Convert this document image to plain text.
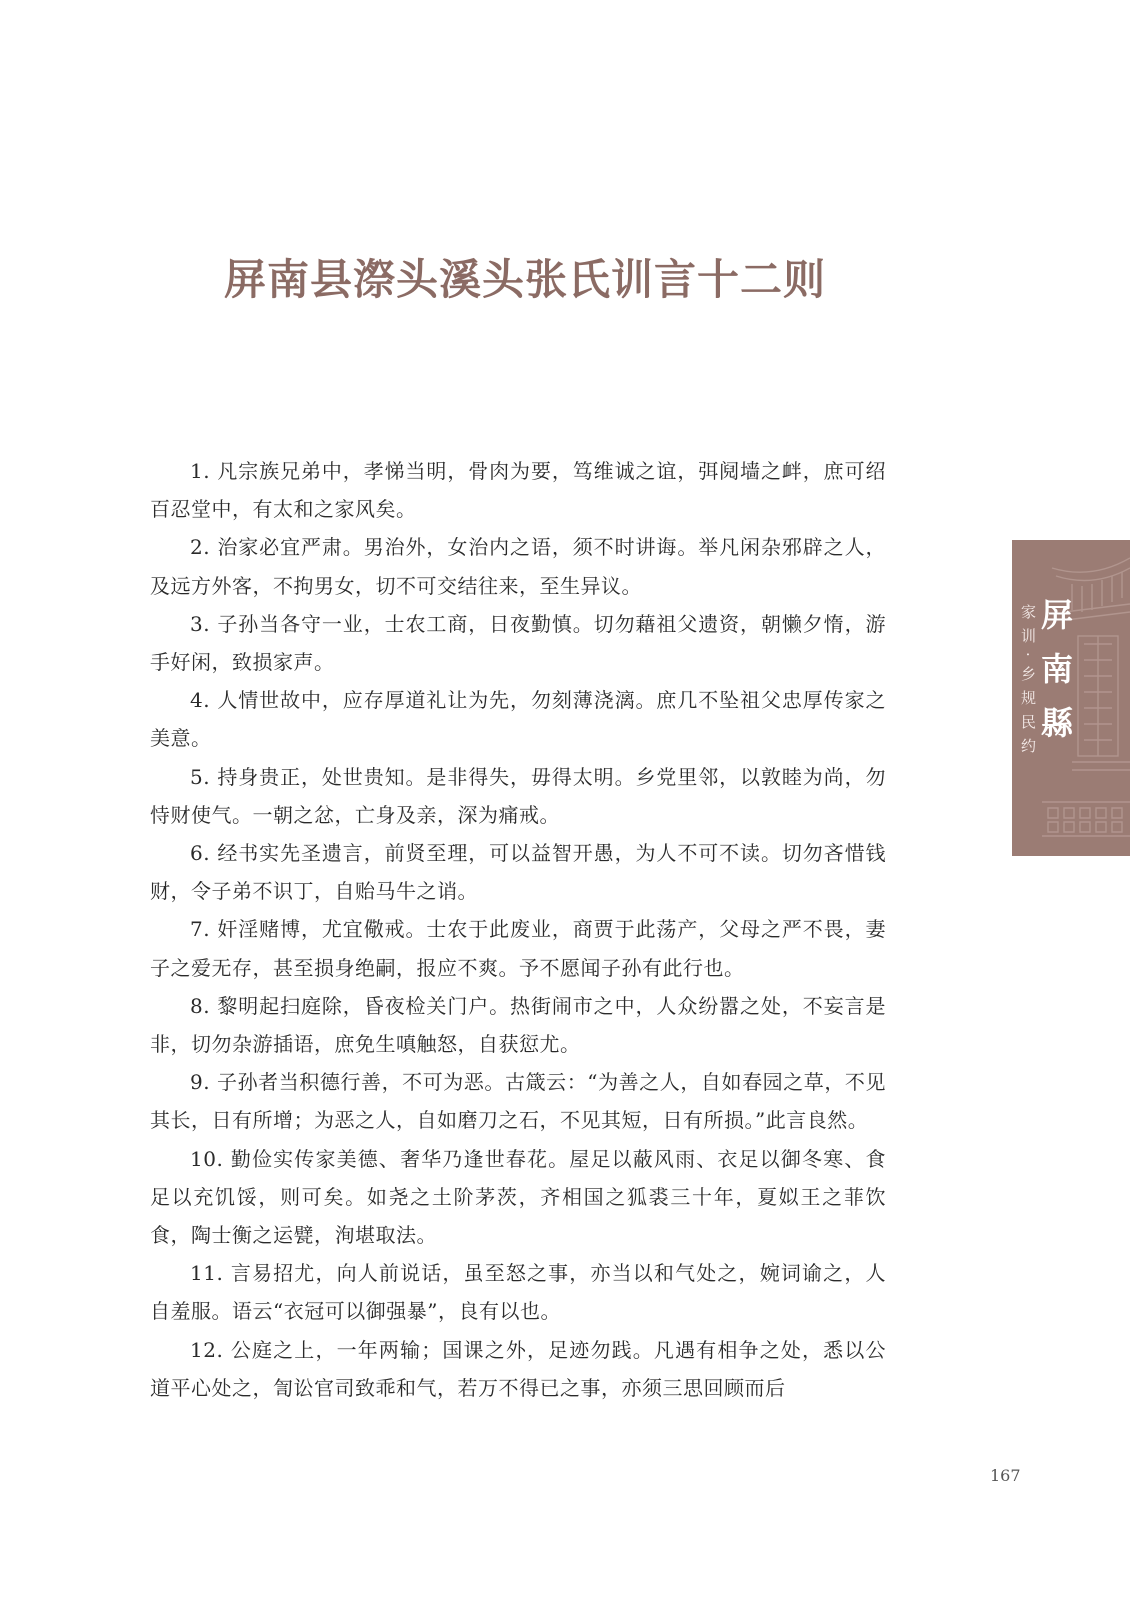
屏南县漈头溪头张氏训言十二则

1. 凡宗族兄弟中，孝悌当明，骨肉为要，笃维诚之谊，弭阋墙之衅，庶可绍百忍堂中，有太和之家风矣。

2. 治家必宜严肃。男治外，女治内之语，须不时讲诲。举凡闲杂邪辟之人，及远方外客，不拘男女，切不可交结往来，至生异议。

3. 子孙当各守一业，士农工商，日夜勤慎。切勿藉祖父遗资，朝懒夕惰，游手好闲，致损家声。

4. 人情世故中，应存厚道礼让为先，勿刻薄浇漓。庶几不坠祖父忠厚传家之美意。

5. 持身贵正，处世贵知。是非得失，毋得太明。乡党里邻，以敦睦为尚，勿恃财使气。一朝之忿，亡身及亲，深为痛戒。

6. 经书实先圣遗言，前贤至理，可以益智开愚，为人不可不读。切勿吝惜钱财，令子弟不识丁，自贻马牛之诮。

7. 奸淫赌博，尤宜儆戒。士农于此废业，商贾于此荡产，父母之严不畏，妻子之爱无存，甚至损身绝嗣，报应不爽。予不愿闻子孙有此行也。

8. 黎明起扫庭除，昏夜检关门户。热街闹市之中，人众纷嚣之处，不妄言是非，切勿杂游插语，庶免生嗔触怒，自获愆尤。

9. 子孙者当积德行善，不可为恶。古箴云：“为善之人，自如春园之草，不见其长，日有所增；为恶之人，自如磨刀之石，不见其短，日有所损。”此言良然。

10. 勤俭实传家美德、奢华乃逢世春花。屋足以蔽风雨、衣足以御冬寒、食足以充饥馁，则可矣。如尧之土阶茅茨，齐相国之狐裘三十年，夏姒王之菲饮食，陶士衡之运甓，洵堪取法。

11. 言易招尤，向人前说话，虽至怒之事，亦当以和气处之，婉词谕之，人自羞服。语云“衣冠可以御强暴”，良有以也。

12. 公庭之上，一年两输；国课之外，足迹勿践。凡遇有相争之处，悉以公道平心处之，訇讼官司致乖和气，若万不得已之事，亦须三思回顾而后

屏南縣
家训·乡规民约
167
